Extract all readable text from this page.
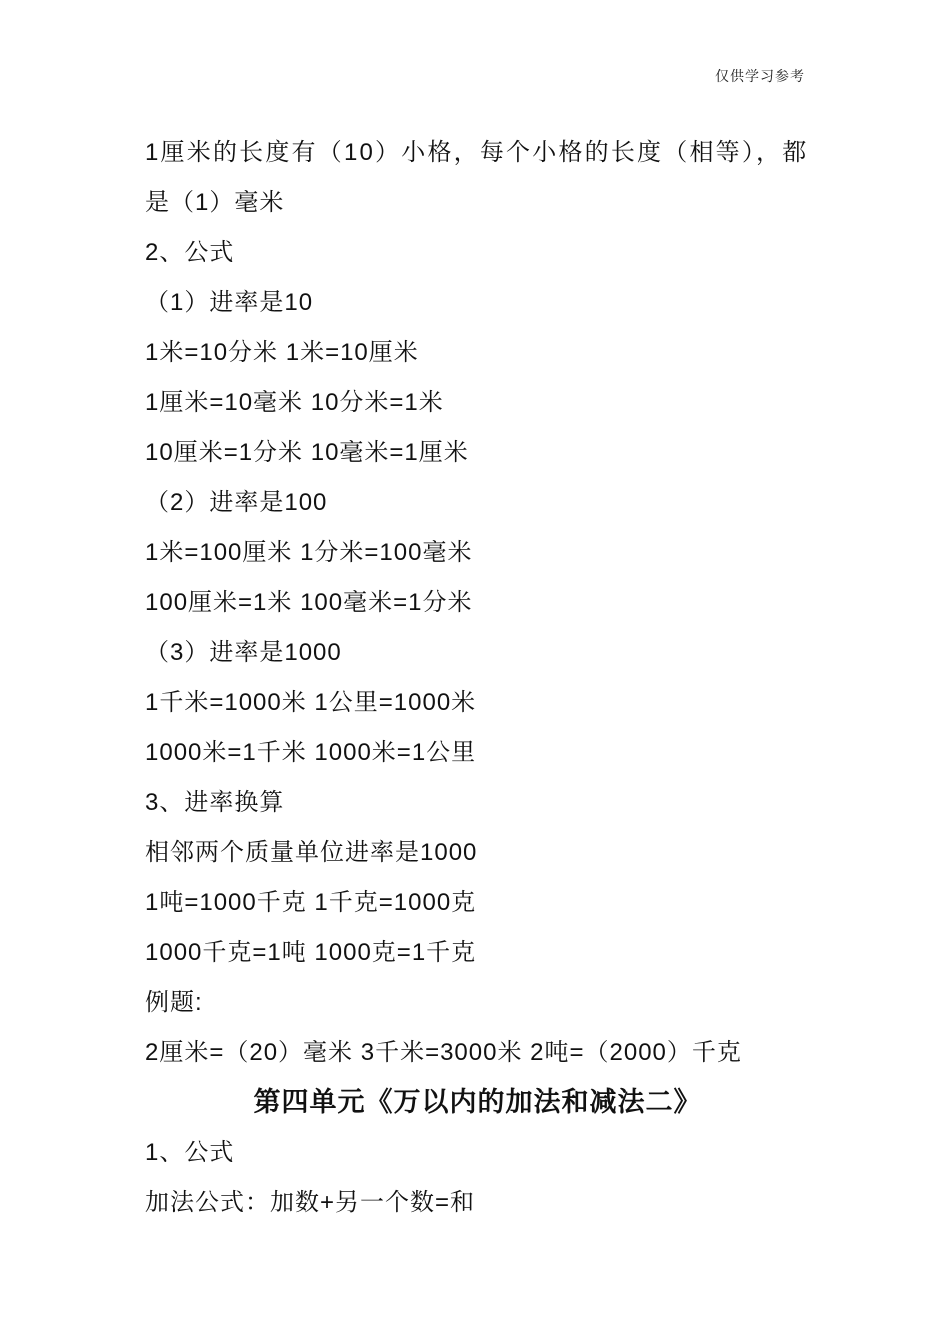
仅供学习参考
1厘米的长度有（10）小格，每个小格的长度（相等），都
是（1）毫米
2、公式
（1）进率是10
1米=10分米 1米=10厘米
1厘米=10毫米 10分米=1米
10厘米=1分米 10毫米=1厘米
（2）进率是100
1米=100厘米 1分米=100毫米
100厘米=1米 100毫米=1分米
（3）进率是1000
1千米=1000米 1公里=1000米
1000米=1千米 1000米=1公里
3、进率换算
相邻两个质量单位进率是1000
1吨=1000千克 1千克=1000克
1000千克=1吨 1000克=1千克
例题:
2厘米=（20）毫米 3千米=3000米 2吨=（2000）千克
第四单元《万以内的加法和减法二》
1、公式
加法公式：加数+另一个数=和
